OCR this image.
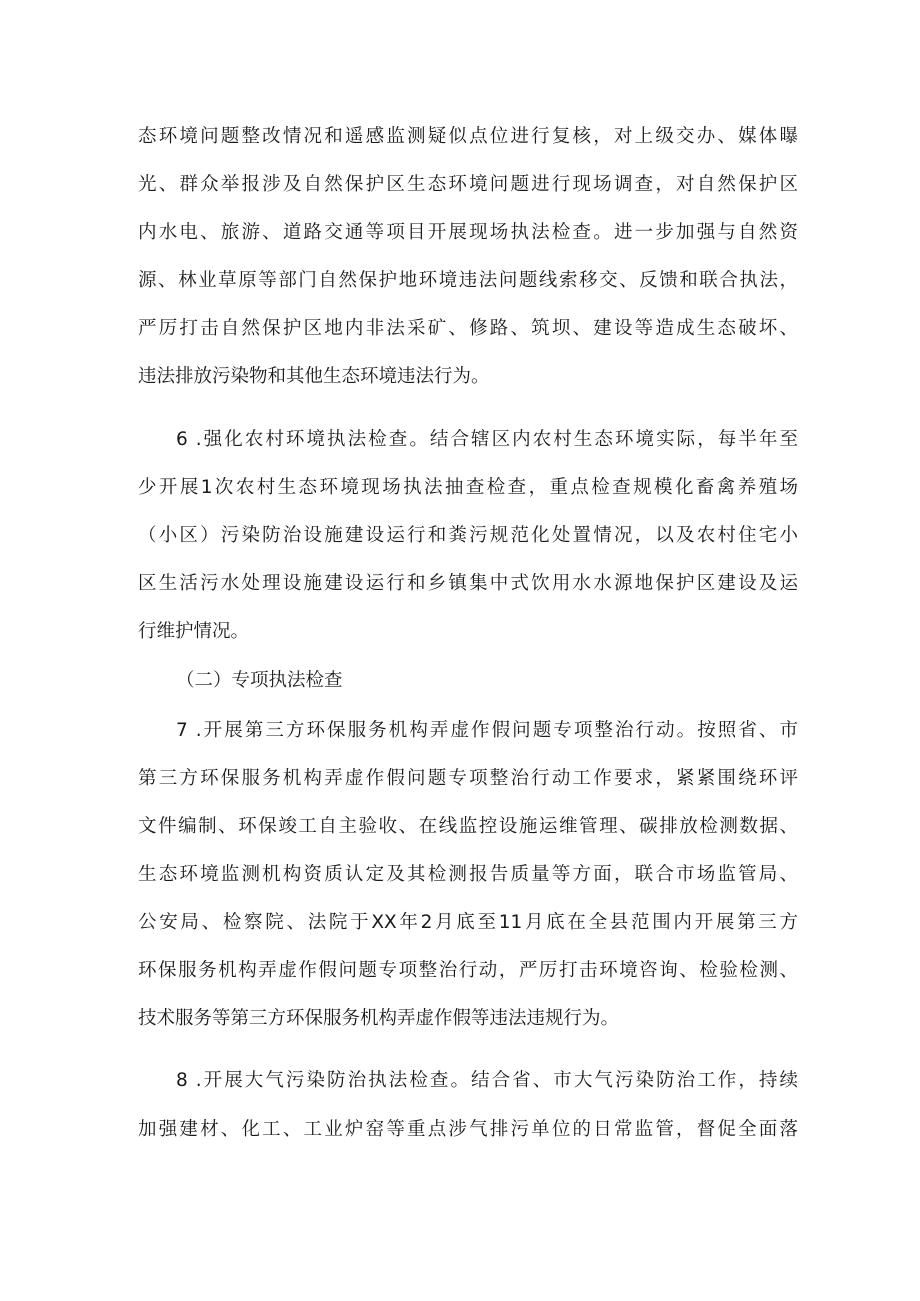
态环境问题整改情况和遥感监测疑似点位进行复核，对上级交办、媒体曝
光、群众举报涉及自然保护区生态环境问题进行现场调查，对自然保护区
内水电、旅游、道路交通等项目开展现场执法检查。进一步加强与自然资
源、林业草原等部门自然保护地环境违法问题线索移交、反馈和联合执法，
严厉打击自然保护区地内非法采矿、修路、筑坝、建设等造成生态破坏、
违法排放污染物和其他生态环境违法行为。
6 .强化农村环境执法检查。结合辖区内农村生态环境实际，每半年至
少开展1次农村生态环境现场执法抽查检查，重点检查规模化畜禽养殖场
（小区）污染防治设施建设运行和粪污规范化处置情况，以及农村住宅小
区生活污水处理设施建设运行和乡镇集中式饮用水水源地保护区建设及运
行维护情况。
（二）专项执法检查
7 .开展第三方环保服务机构弄虚作假问题专项整治行动。按照省、市
第三方环保服务机构弄虚作假问题专项整治行动工作要求，紧紧围绕环评
文件编制、环保竣工自主验收、在线监控设施运维管理、碳排放检测数据、
生态环境监测机构资质认定及其检测报告质量等方面，联合市场监管局、
公安局、检察院、法院于XX年2月底至11月底在全县范围内开展第三方
环保服务机构弄虚作假问题专项整治行动，严厉打击环境咨询、检验检测、
技术服务等第三方环保服务机构弄虚作假等违法违规行为。
8 .开展大气污染防治执法检查。结合省、市大气污染防治工作，持续
加强建材、化工、工业炉窑等重点涉气排污单位的日常监管，督促全面落
